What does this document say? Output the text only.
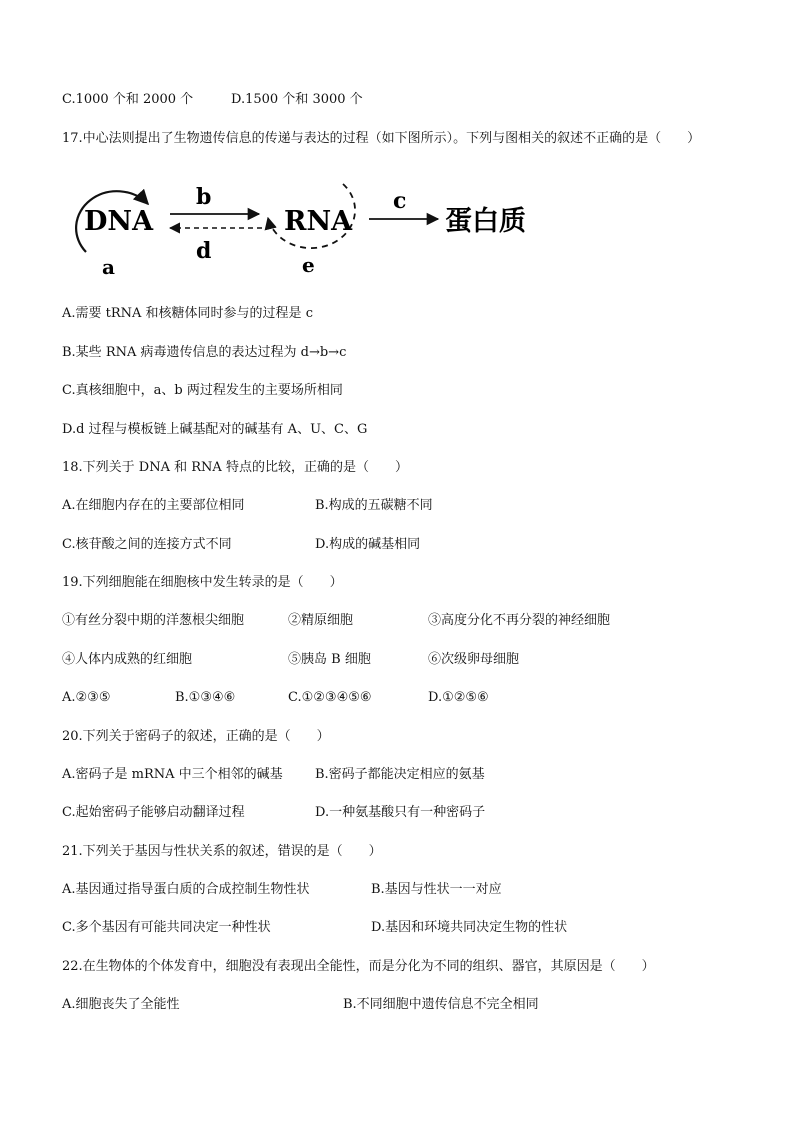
C.1000 个和 2000 个	D.1500 个和 3000 个
17.中心法则提出了生物遗传信息的传递与表达的过程（如下图所示）。下列与图相关的叙述不正确的是（　　）
DNA
a
b
d
RNA
e
c
蛋白质
A.需要 tRNA 和核糖体同时参与的过程是 c
B.某些 RNA 病毒遗传信息的表达过程为 d→b→c
C.真核细胞中，a、b 两过程发生的主要场所相同
D.d 过程与模板链上碱基配对的碱基有 A、U、C、G
18.下列关于 DNA 和 RNA 特点的比较，正确的是（　　）
A.在细胞内存在的主要部位相同	B.构成的五碳糖不同
C.核苷酸之间的连接方式不同	D.构成的碱基相同
19.下列细胞能在细胞核中发生转录的是（　　）
①有丝分裂中期的洋葱根尖细胞	②精原细胞	③高度分化不再分裂的神经细胞
④人体内成熟的红细胞	⑤胰岛 B 细胞	⑥次级卵母细胞
A.②③⑤	B.①③④⑥	C.①②③④⑤⑥	D.①②⑤⑥
20.下列关于密码子的叙述，正确的是（　　）
A.密码子是 mRNA 中三个相邻的碱基 B.密码子都能决定相应的氨基
C.起始密码子能够启动翻译过程	D.一种氨基酸只有一种密码子
21.下列关于基因与性状关系的叙述，错误的是（　　）
A.基因通过指导蛋白质的合成控制生物性状	B.基因与性状一一对应
C.多个基因有可能共同决定一种性状	D.基因和环境共同决定生物的性状
22.在生物体的个体发育中，细胞没有表现出全能性，而是分化为不同的组织、器官，其原因是（　　）
A.细胞丧失了全能性	B.不同细胞中遗传信息不完全相同
